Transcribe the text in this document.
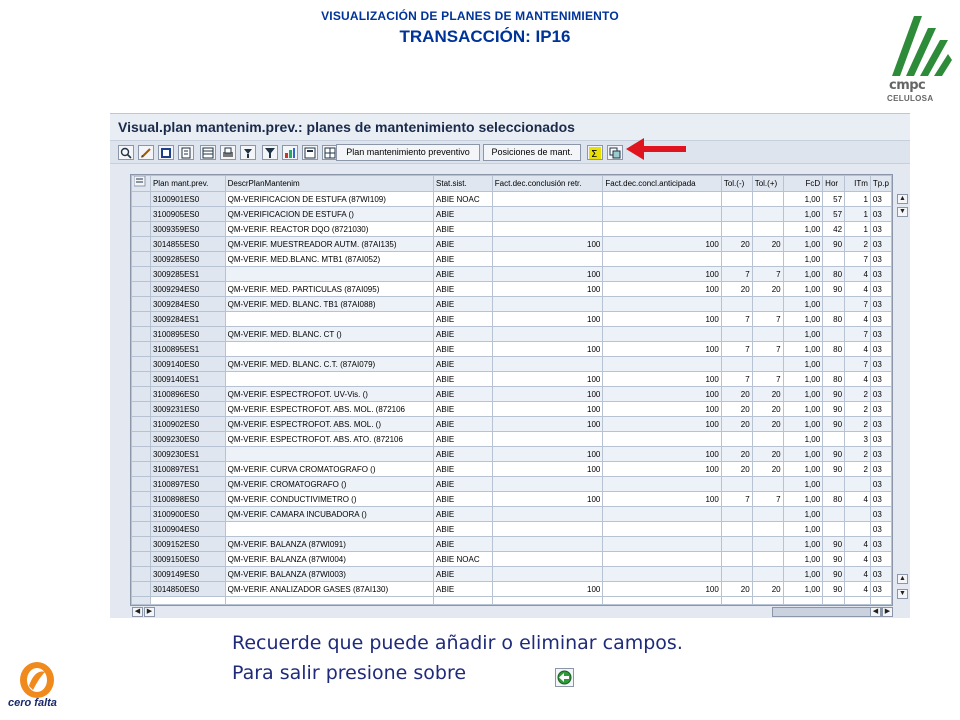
VISUALIZACIÓN DE PLANES DE MANTENIMIENTO
TRANSACCIÓN: IP16
cmpc
CELULOSA
Visual.plan mantenim.prev.: planes de mantenimiento seleccionados
Plan mantenimiento preventivo	Posiciones de mant.	Σ
	Plan mant.prev.	DescrPlanMantenim	Stat.sist.	Fact.dec.conclusión retr.	Fact.dec.concl.anticipada	Tol.(-)	Tol.(+)	FcD	Hor	ITm	Tp.p
	3100901ES0	QM-VERIFICACION DE ESTUFA (87WI109)	ABIE NOAC					1,00	57	1	03
	3100905ES0	QM-VERIFICACION DE ESTUFA ()	ABIE					1,00	57	1	03
	3009359ES0	QM-VERIF. REACTOR DQO (8721030)	ABIE					1,00	42	1	03
	3014855ES0	QM-VERIF. MUESTREADOR AUTM. (87AI135)	ABIE	100	100	20	20	1,00	90	2	03
	3009285ES0	QM-VERIF. MED.BLANC. MTB1 (87AI052)	ABIE					1,00		7	03
	3009285ES1		ABIE	100	100	7	7	1,00	80	4	03
	3009294ES0	QM-VERIF. MED. PARTICULAS (87AI095)	ABIE	100	100	20	20	1,00	90	4	03
	3009284ES0	QM-VERIF. MED. BLANC. TB1 (87AI088)	ABIE					1,00		7	03
	3009284ES1		ABIE	100	100	7	7	1,00	80	4	03
	3100895ES0	QM-VERIF. MED. BLANC. CT ()	ABIE					1,00		7	03
	3100895ES1		ABIE	100	100	7	7	1,00	80	4	03
	3009140ES0	QM-VERIF. MED. BLANC. C.T. (87AI079)	ABIE					1,00		7	03
	3009140ES1		ABIE	100	100	7	7	1,00	80	4	03
	3100896ES0	QM-VERIF. ESPECTROFOT. UV-Vis. ()	ABIE	100	100	20	20	1,00	90	2	03
	3009231ES0	QM-VERIF. ESPECTROFOT. ABS. MOL. (872106	ABIE	100	100	20	20	1,00	90	2	03
	3100902ES0	QM-VERIF. ESPECTROFOT. ABS. MOL. ()	ABIE	100	100	20	20	1,00	90	2	03
	3009230ES0	QM-VERIF. ESPECTROFOT. ABS. ATO. (872106	ABIE					1,00		3	03
	3009230ES1		ABIE	100	100	20	20	1,00	90	2	03
	3100897ES1	QM-VERIF. CURVA CROMATOGRAFO ()	ABIE	100	100	20	20	1,00	90	2	03
	3100897ES0	QM-VERIF. CROMATOGRAFO ()	ABIE					1,00			03
	3100898ES0	QM-VERIF. CONDUCTIVIMETRO ()	ABIE	100	100	7	7	1,00	80	4	03
	3100900ES0	QM-VERIF. CAMARA INCUBADORA ()	ABIE					1,00			03
	3100904ES0		ABIE					1,00			03
	3009152ES0	QM-VERIF. BALANZA (87WI091)	ABIE					1,00	90	4	03
	3009150ES0	QM-VERIF. BALANZA (87WI004)	ABIE NOAC					1,00	90	4	03
	3009149ES0	QM-VERIF. BALANZA (87WI003)	ABIE					1,00	90	4	03
	3014850ES0	QM-VERIF. ANALIZADOR GASES (87AI130)	ABIE	100	100	20	20	1,00	90	4	03

▲
▼
▲
▼
◀ ▶	◀ ▶
Recuerde que puede añadir o eliminar campos.
Para salir presione sobre
cero falta
